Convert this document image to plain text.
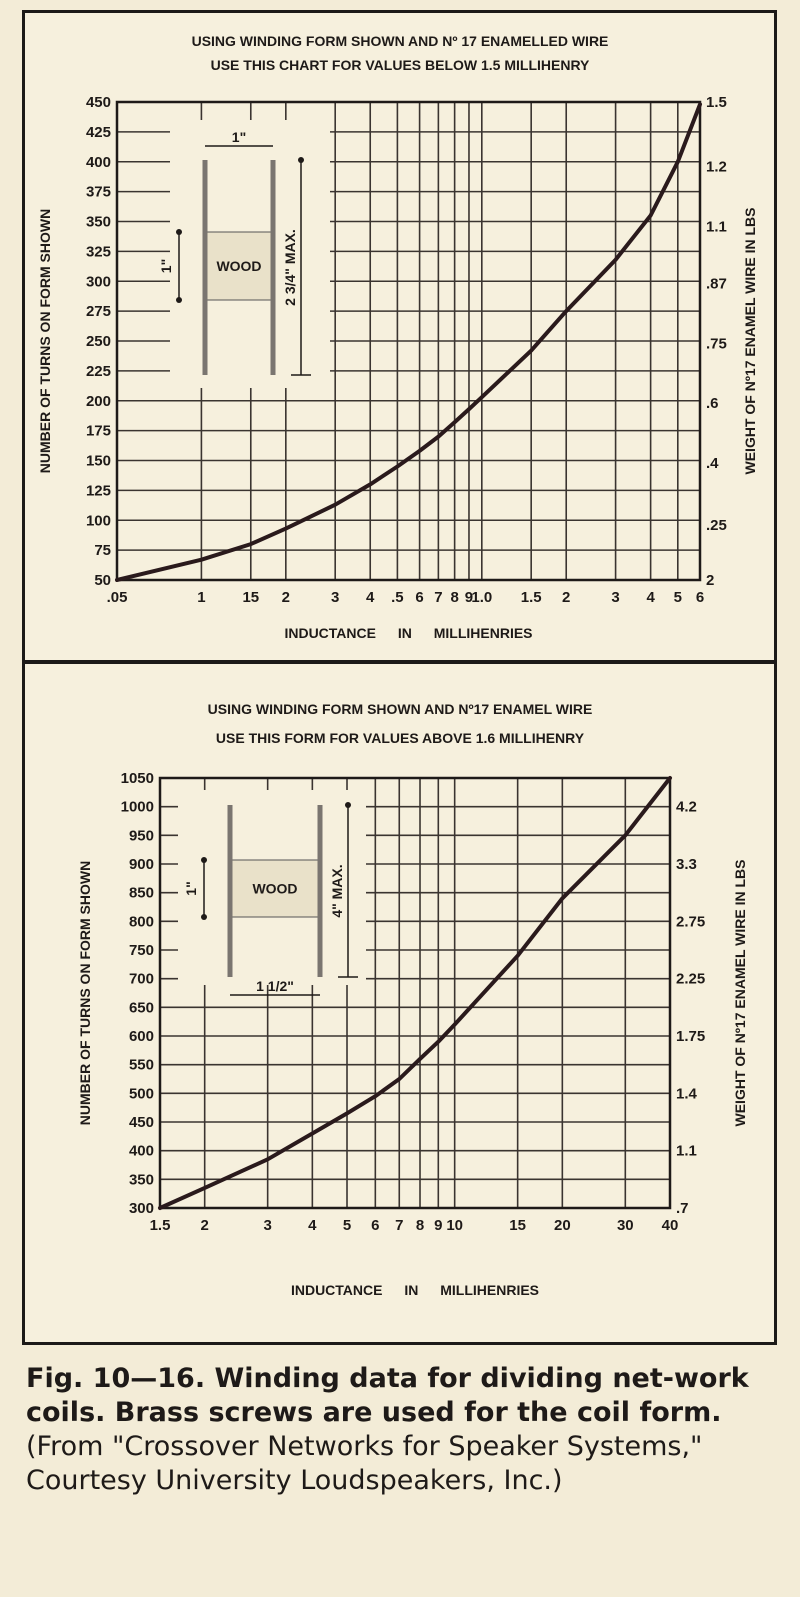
USING WINDING FORM SHOWN AND Nº 17 ENAMELLED WIRE
USE THIS CHART FOR VALUES BELOW 1.5 MILLIHENRY
.05	1 15 2	3 4 .5 6 7 8 9
1.0 1.5 2	3 4 5 6
50
75
100
125
150
175
200
225
250
275
300
325
350
375
400
425
450
2
.25
.4
.6
.75
.87
1.1
1.2
1.5
INDUCTANCE IN MILLIHENRIES
NUMBER OF TURNS ON FORM SHOWN	WEIGHT OF Nº17 ENAMEL WIRE IN LBS
WOOD
1"
1"	2 3/4" MAX.
USING WINDING FORM SHOWN AND Nº17 ENAMEL WIRE
USE THIS FORM FOR VALUES ABOVE 1.6 MILLIHENRY
1.5 2	3 4 5 6 7 8 9 10	15 20	30 40
300
350
400
450
500
550
600
650
700
750
800
850
900
950
1000
1050
.7
1.1
1.4
1.75
2.25
2.75
3.3
4.2
INDUCTANCE IN MILLIHENRIES
NUMBER OF TURNS ON FORM SHOWN	WEIGHT OF Nº17 ENAMEL WIRE IN LBS
WOOD
1 1/2"
1"	4" MAX.
Fig. 10—16. Winding data for dividing net-work coils. Brass screws are used for the coil form. (From "Crossover Networks for Speaker Systems," Courtesy University Loudspeakers, Inc.)
